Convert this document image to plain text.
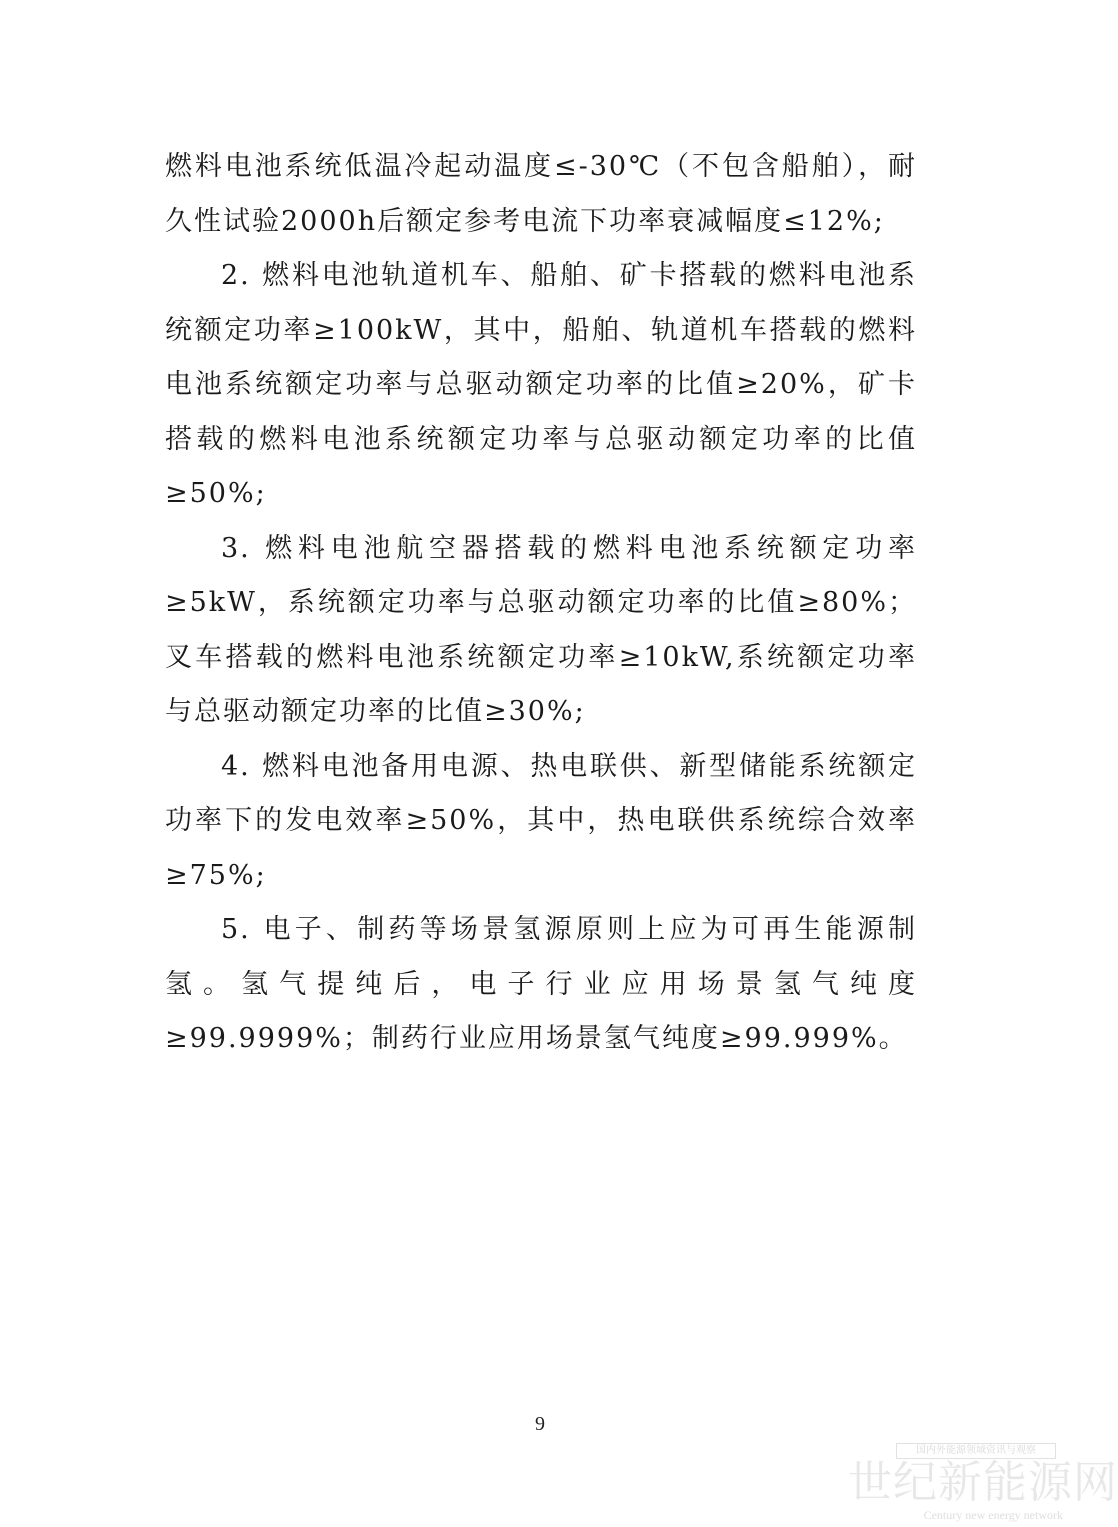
燃料电池系统低温冷起动温度≤-30℃（不包含船舶），耐久性试验2000h后额定参考电流下功率衰减幅度≤12%;

2. 燃料电池轨道机车、船舶、矿卡搭载的燃料电池系统额定功率≥100kW，其中，船舶、轨道机车搭载的燃料电池系统额定功率与总驱动额定功率的比值≥20%，矿卡搭载的燃料电池系统额定功率与总驱动额定功率的比值≥50%;

3. 燃料电池航空器搭载的燃料电池系统额定功率≥5kW，系统额定功率与总驱动额定功率的比值≥80%；叉车搭载的燃料电池系统额定功率≥10kW,系统额定功率与总驱动额定功率的比值≥30%;

4. 燃料电池备用电源、热电联供、新型储能系统额定功率下的发电效率≥50%，其中，热电联供系统综合效率≥75%;

5. 电子、制药等场景氢源原则上应为可再生能源制氢。氢气提纯后，电子行业应用场景氢气纯度≥99.9999%；制药行业应用场景氢气纯度≥99.999%。

9
国内外能源领域资讯与观察
世纪新能源网
Century new energy network
